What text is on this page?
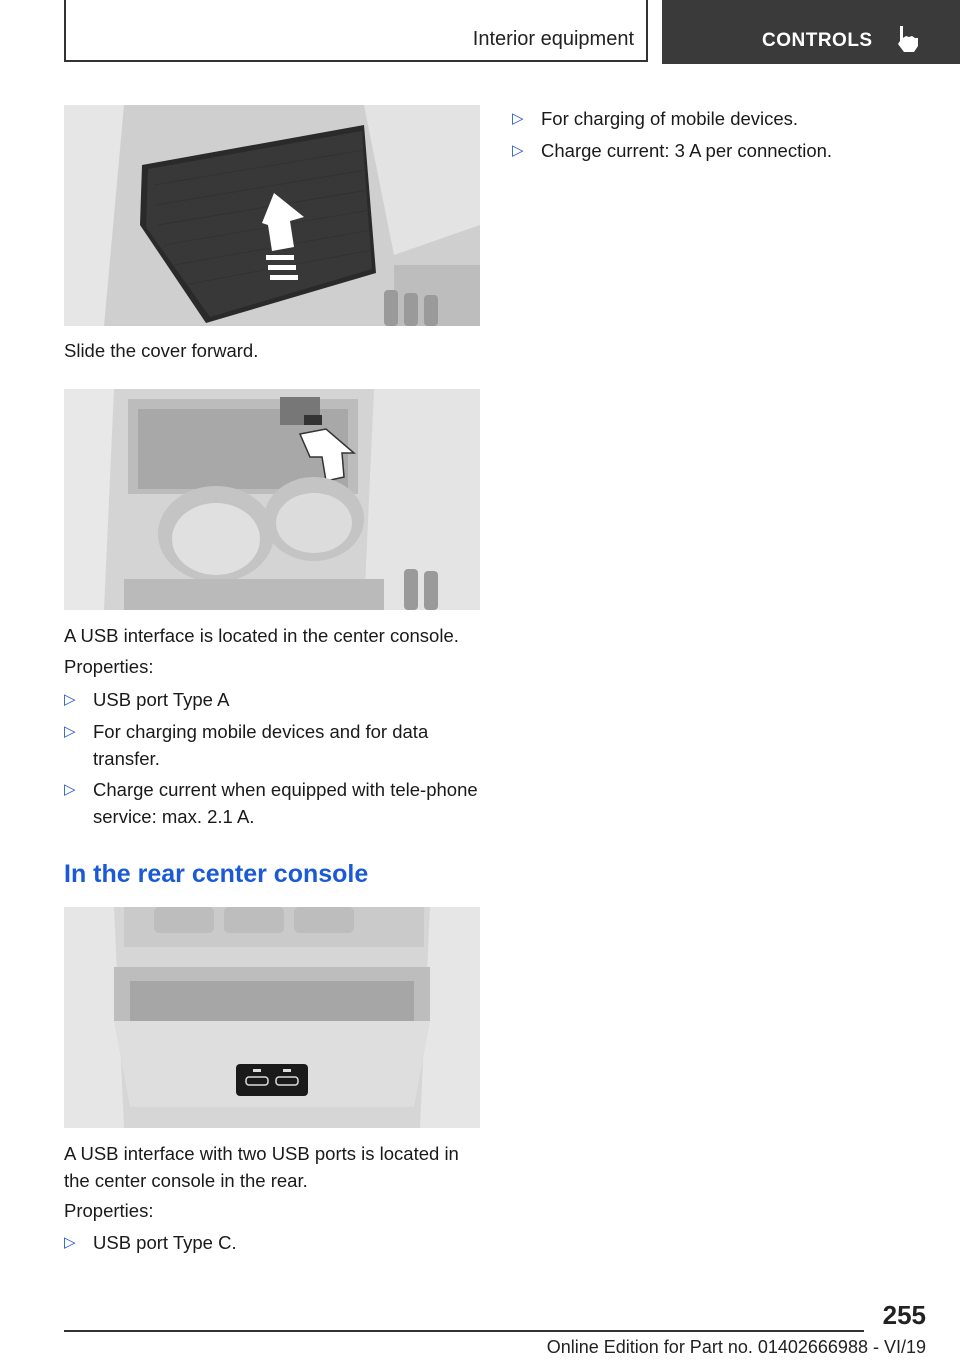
Interior equipment	CONTROLS
Slide the cover forward.
A USB interface is located in the center console.
Properties:
▷ USB port Type A
▷ For charging mobile devices and for data transfer.
▷ Charge current when equipped with tele-phone service: max. 2.1 A.
In the rear center console
A USB interface with two USB ports is located in the center console in the rear.
Properties:
▷ USB port Type C.
▷ For charging of mobile devices.
▷ Charge current: 3 A per connection.
255
Online Edition for Part no. 01402666988 - VI/19
